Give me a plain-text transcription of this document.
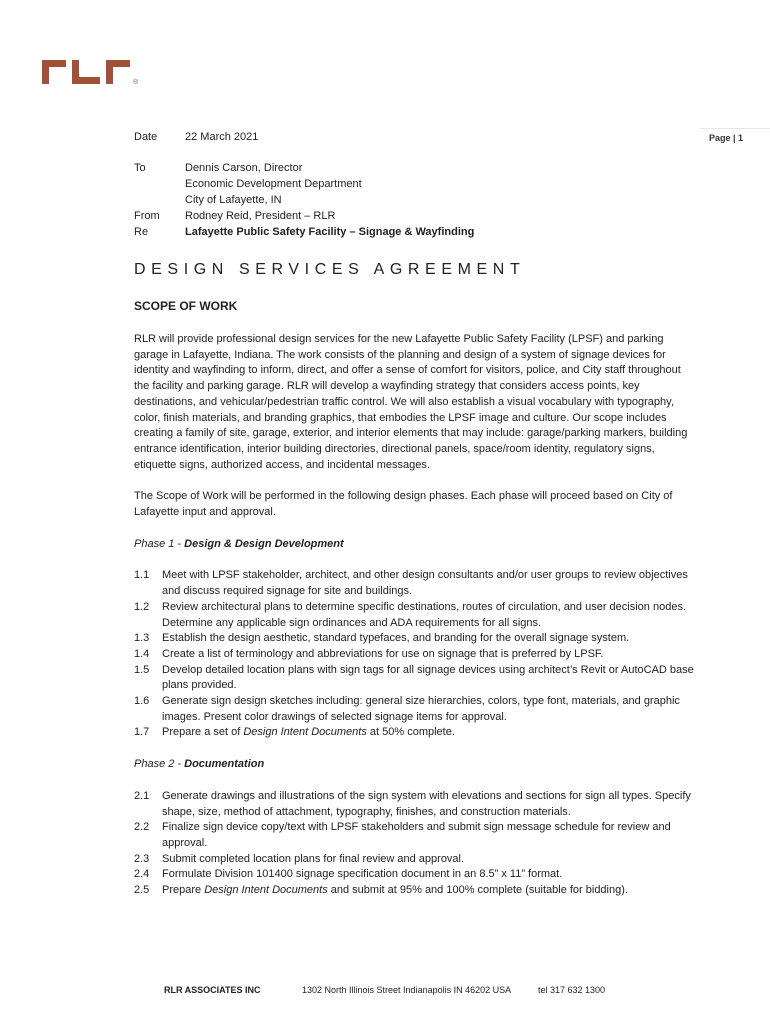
®
Page | 1
Date	22 March 2021
To	Dennis Carson, Director
Economic Development Department
City of Lafayette, IN
From	Rodney Reid, President – RLR
Re	Lafayette Public Safety Facility – Signage & Wayfinding
DESIGN SERVICES AGREEMENT
SCOPE OF WORK

RLR will provide professional design services for the new Lafayette Public Safety Facility (LPSF) and parking garage in Lafayette, Indiana. The work consists of the planning and design of a system of signage devices for identity and wayfinding to inform, direct, and offer a sense of comfort for visitors, police, and City staff throughout the facility and parking garage. RLR will develop a wayfinding strategy that considers access points, key destinations, and vehicular/pedestrian traffic control. We will also establish a visual vocabulary with typography, color, finish materials, and branding graphics, that embodies the LPSF image and culture. Our scope includes creating a family of site, garage, exterior, and interior elements that may include: garage/parking markers, building entrance identification, interior building directories, directional panels, space/room identity, regulatory signs, etiquette signs, authorized access, and incidental messages.

The Scope of Work will be performed in the following design phases. Each phase will proceed based on City of Lafayette input and approval.

Phase 1 - Design & Design Development

1.1	Meet with LPSF stakeholder, architect, and other design consultants and/or user groups to review objectives and discuss required signage for site and buildings.
1.2	Review architectural plans to determine specific destinations, routes of circulation, and user decision nodes. Determine any applicable sign ordinances and ADA requirements for all signs.
1.3	Establish the design aesthetic, standard typefaces, and branding for the overall signage system.
1.4	Create a list of terminology and abbreviations for use on signage that is preferred by LPSF.
1.5	Develop detailed location plans with sign tags for all signage devices using architect’s Revit or AutoCAD base plans provided.
1.6	Generate sign design sketches including: general size hierarchies, colors, type font, materials, and graphic images. Present color drawings of selected signage items for approval.
1.7	Prepare a set of Design Intent Documents at 50% complete.

Phase 2 - Documentation

2.1	Generate drawings and illustrations of the sign system with elevations and sections for sign all types. Specify shape, size, method of attachment, typography, finishes, and construction materials.
2.2	Finalize sign device copy/text with LPSF stakeholders and submit sign message schedule for review and approval.
2.3	Submit completed location plans for final review and approval.
2.4	Formulate Division 101400 signage specification document in an 8.5” x 11” format.
2.5	Prepare Design Intent Documents and submit at 95% and 100% complete (suitable for bidding).
RLR ASSOCIATES INC	1302 North Illinois Street Indianapolis IN 46202 USA	tel 317 632 1300
